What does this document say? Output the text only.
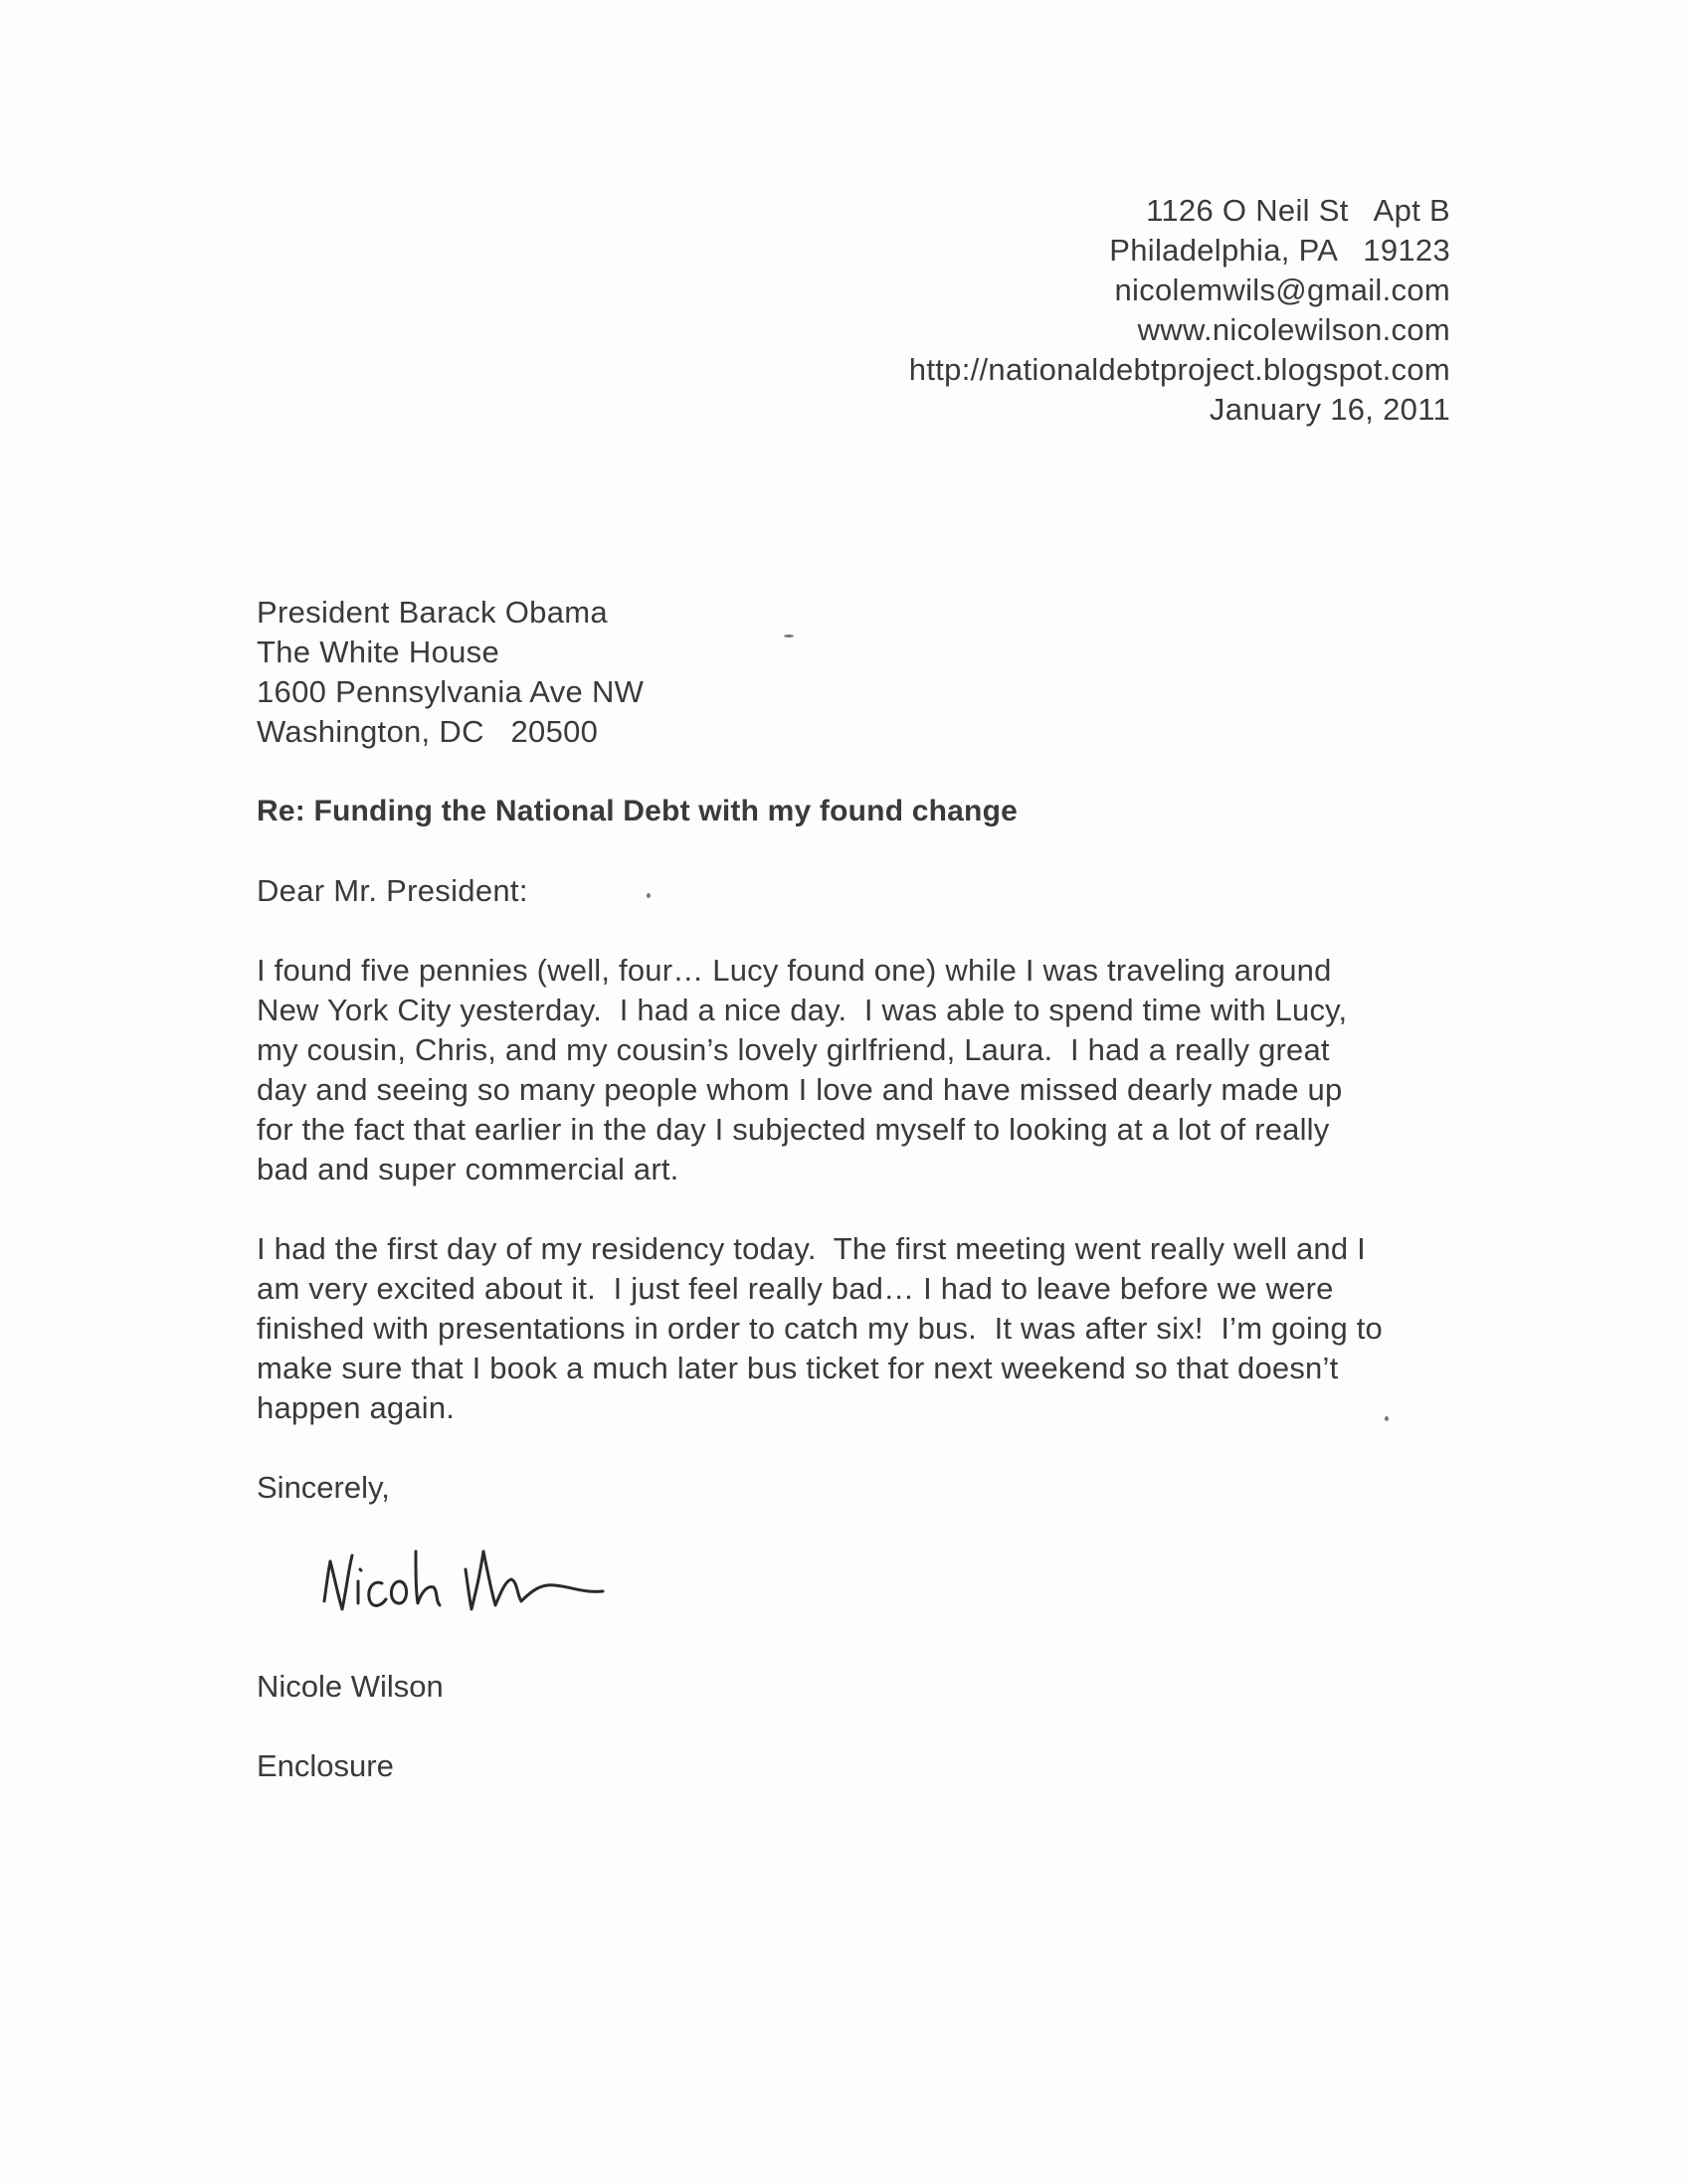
1126 O Neil St   Apt B
Philadelphia, PA   19123
nicolemwils@gmail.com
www.nicolewilson.com
http://nationaldebtproject.blogspot.com
January 16, 2011
President Barack Obama
The White House
1600 Pennsylvania Ave NW
Washington, DC   20500
Re: Funding the National Debt with my found change
Dear Mr. President:
I found five pennies (well, four… Lucy found one) while I was traveling around
New York City yesterday.  I had a nice day.  I was able to spend time with Lucy,
my cousin, Chris, and my cousin’s lovely girlfriend, Laura.  I had a really great
day and seeing so many people whom I love and have missed dearly made up
for the fact that earlier in the day I subjected myself to looking at a lot of really
bad and super commercial art.
I had the first day of my residency today.  The first meeting went really well and I
am very excited about it.  I just feel really bad… I had to leave before we were
finished with presentations in order to catch my bus.  It was after six!  I’m going to
make sure that I book a much later bus ticket for next weekend so that doesn’t
happen again.
Sincerely,
Nicole Wilson
Enclosure
